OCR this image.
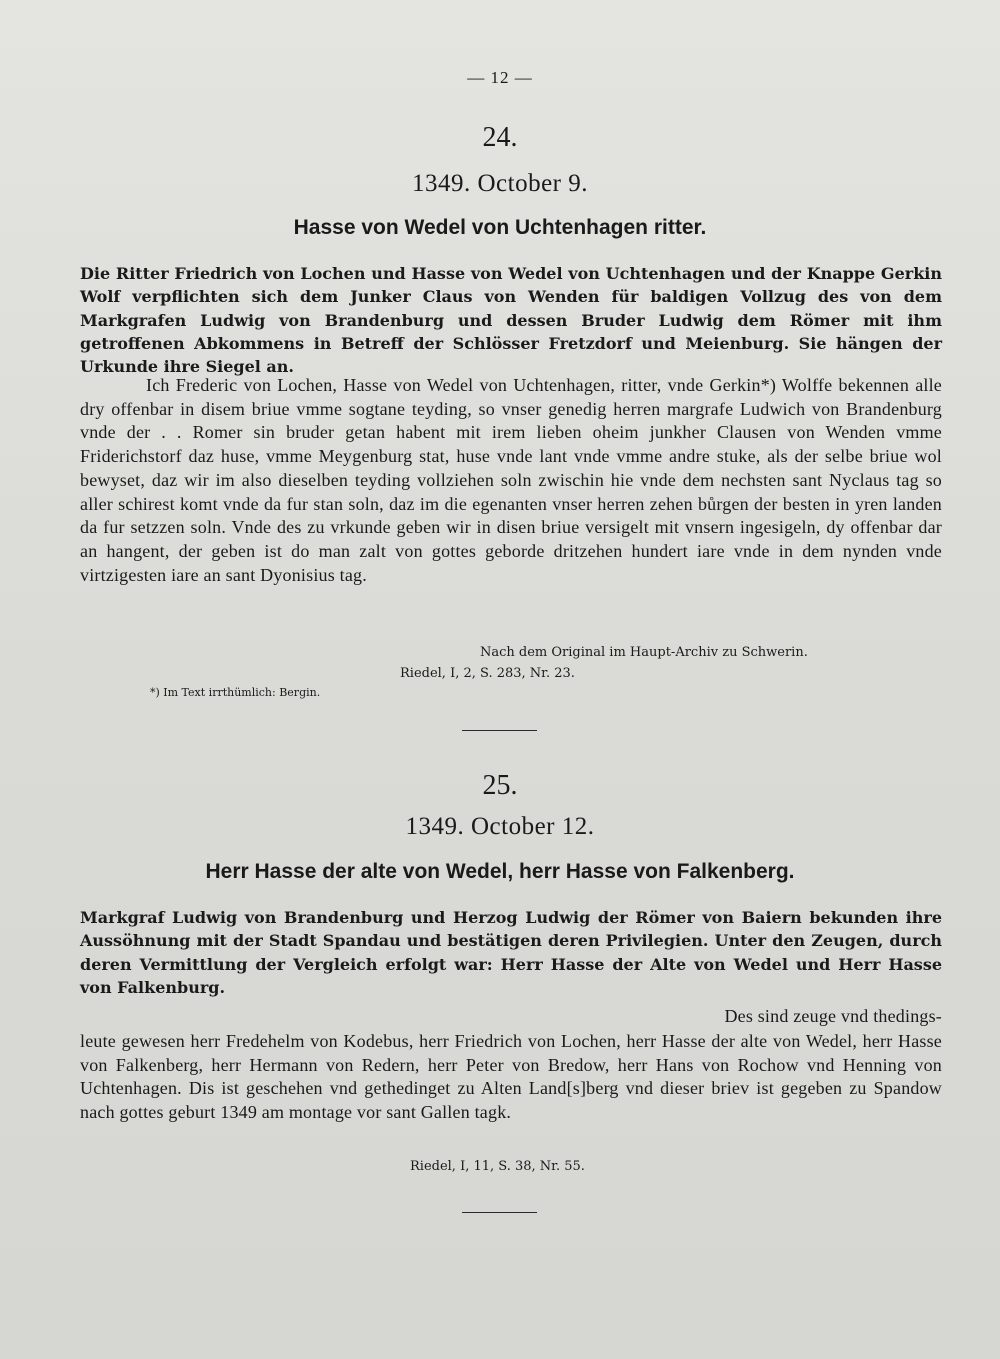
— 12 —
24.
1349. October 9.
Hasse von Wedel von Uchtenhagen ritter.
Die Ritter Friedrich von Lochen und Hasse von Wedel von Uchtenhagen und der Knappe Gerkin Wolf verpflichten sich dem Junker Claus von Wenden für baldigen Vollzug des von dem Markgrafen Ludwig von Brandenburg und dessen Bruder Ludwig dem Römer mit ihm getroffenen Abkommens in Betreff der Schlösser Fretzdorf und Meienburg. Sie hängen der Urkunde ihre Siegel an.
Ich Frederic von Lochen, Hasse von Wedel von Uchtenhagen, ritter, vnde Gerkin*) Wolffe bekennen alle dry offenbar in disem briue vmme sogtane teyding, so vnser genedig herren margrafe Ludwich von Brandenburg vnde der . . Romer sin bruder getan habent mit irem lieben oheim junkher Clausen von Wenden vmme Friderichstorf daz huse, vmme Meygenburg stat, huse vnde lant vnde vmme andre stuke, als der selbe briue wol bewyset, daz wir im also dieselben teyding vollziehen soln zwischin hie vnde dem nechsten sant Nyclaus tag so aller schirest komt vnde da fur stan soln, daz im die egenanten vnser herren zehen bůrgen der besten in yren landen da fur setzzen soln. Vnde des zu vrkunde geben wir in disen briue versigelt mit vnsern ingesigeln, dy offenbar dar an hangent, der geben ist do man zalt von gottes geborde dritzehen hundert iare vnde in dem nynden vnde virtzigesten iare an sant Dyonisius tag.
Nach dem Original im Haupt-Archiv zu Schwerin.
Riedel, I, 2, S. 283, Nr. 23.
*) Im Text irrthümlich: Bergin.
25.
1349. October 12.
Herr Hasse der alte von Wedel, herr Hasse von Falkenberg.
Markgraf Ludwig von Brandenburg und Herzog Ludwig der Römer von Baiern bekunden ihre Aussöhnung mit der Stadt Spandau und bestätigen deren Privilegien. Unter den Zeugen, durch deren Vermittlung der Vergleich erfolgt war: Herr Hasse der Alte von Wedel und Herr Hasse von Falkenburg.
Des sind zeuge vnd thedings-
leute gewesen herr Fredehelm von Kodebus, herr Friedrich von Lochen, herr Hasse der alte von Wedel, herr Hasse von Falkenberg, herr Hermann von Redern, herr Peter von Bredow, herr Hans von Rochow vnd Henning von Uchtenhagen. Dis ist geschehen vnd gethedinget zu Alten Land[s]berg vnd dieser briev ist gegeben zu Spandow nach gottes geburt 1349 am montage vor sant Gallen tagk.
Riedel, I, 11, S. 38, Nr. 55.
